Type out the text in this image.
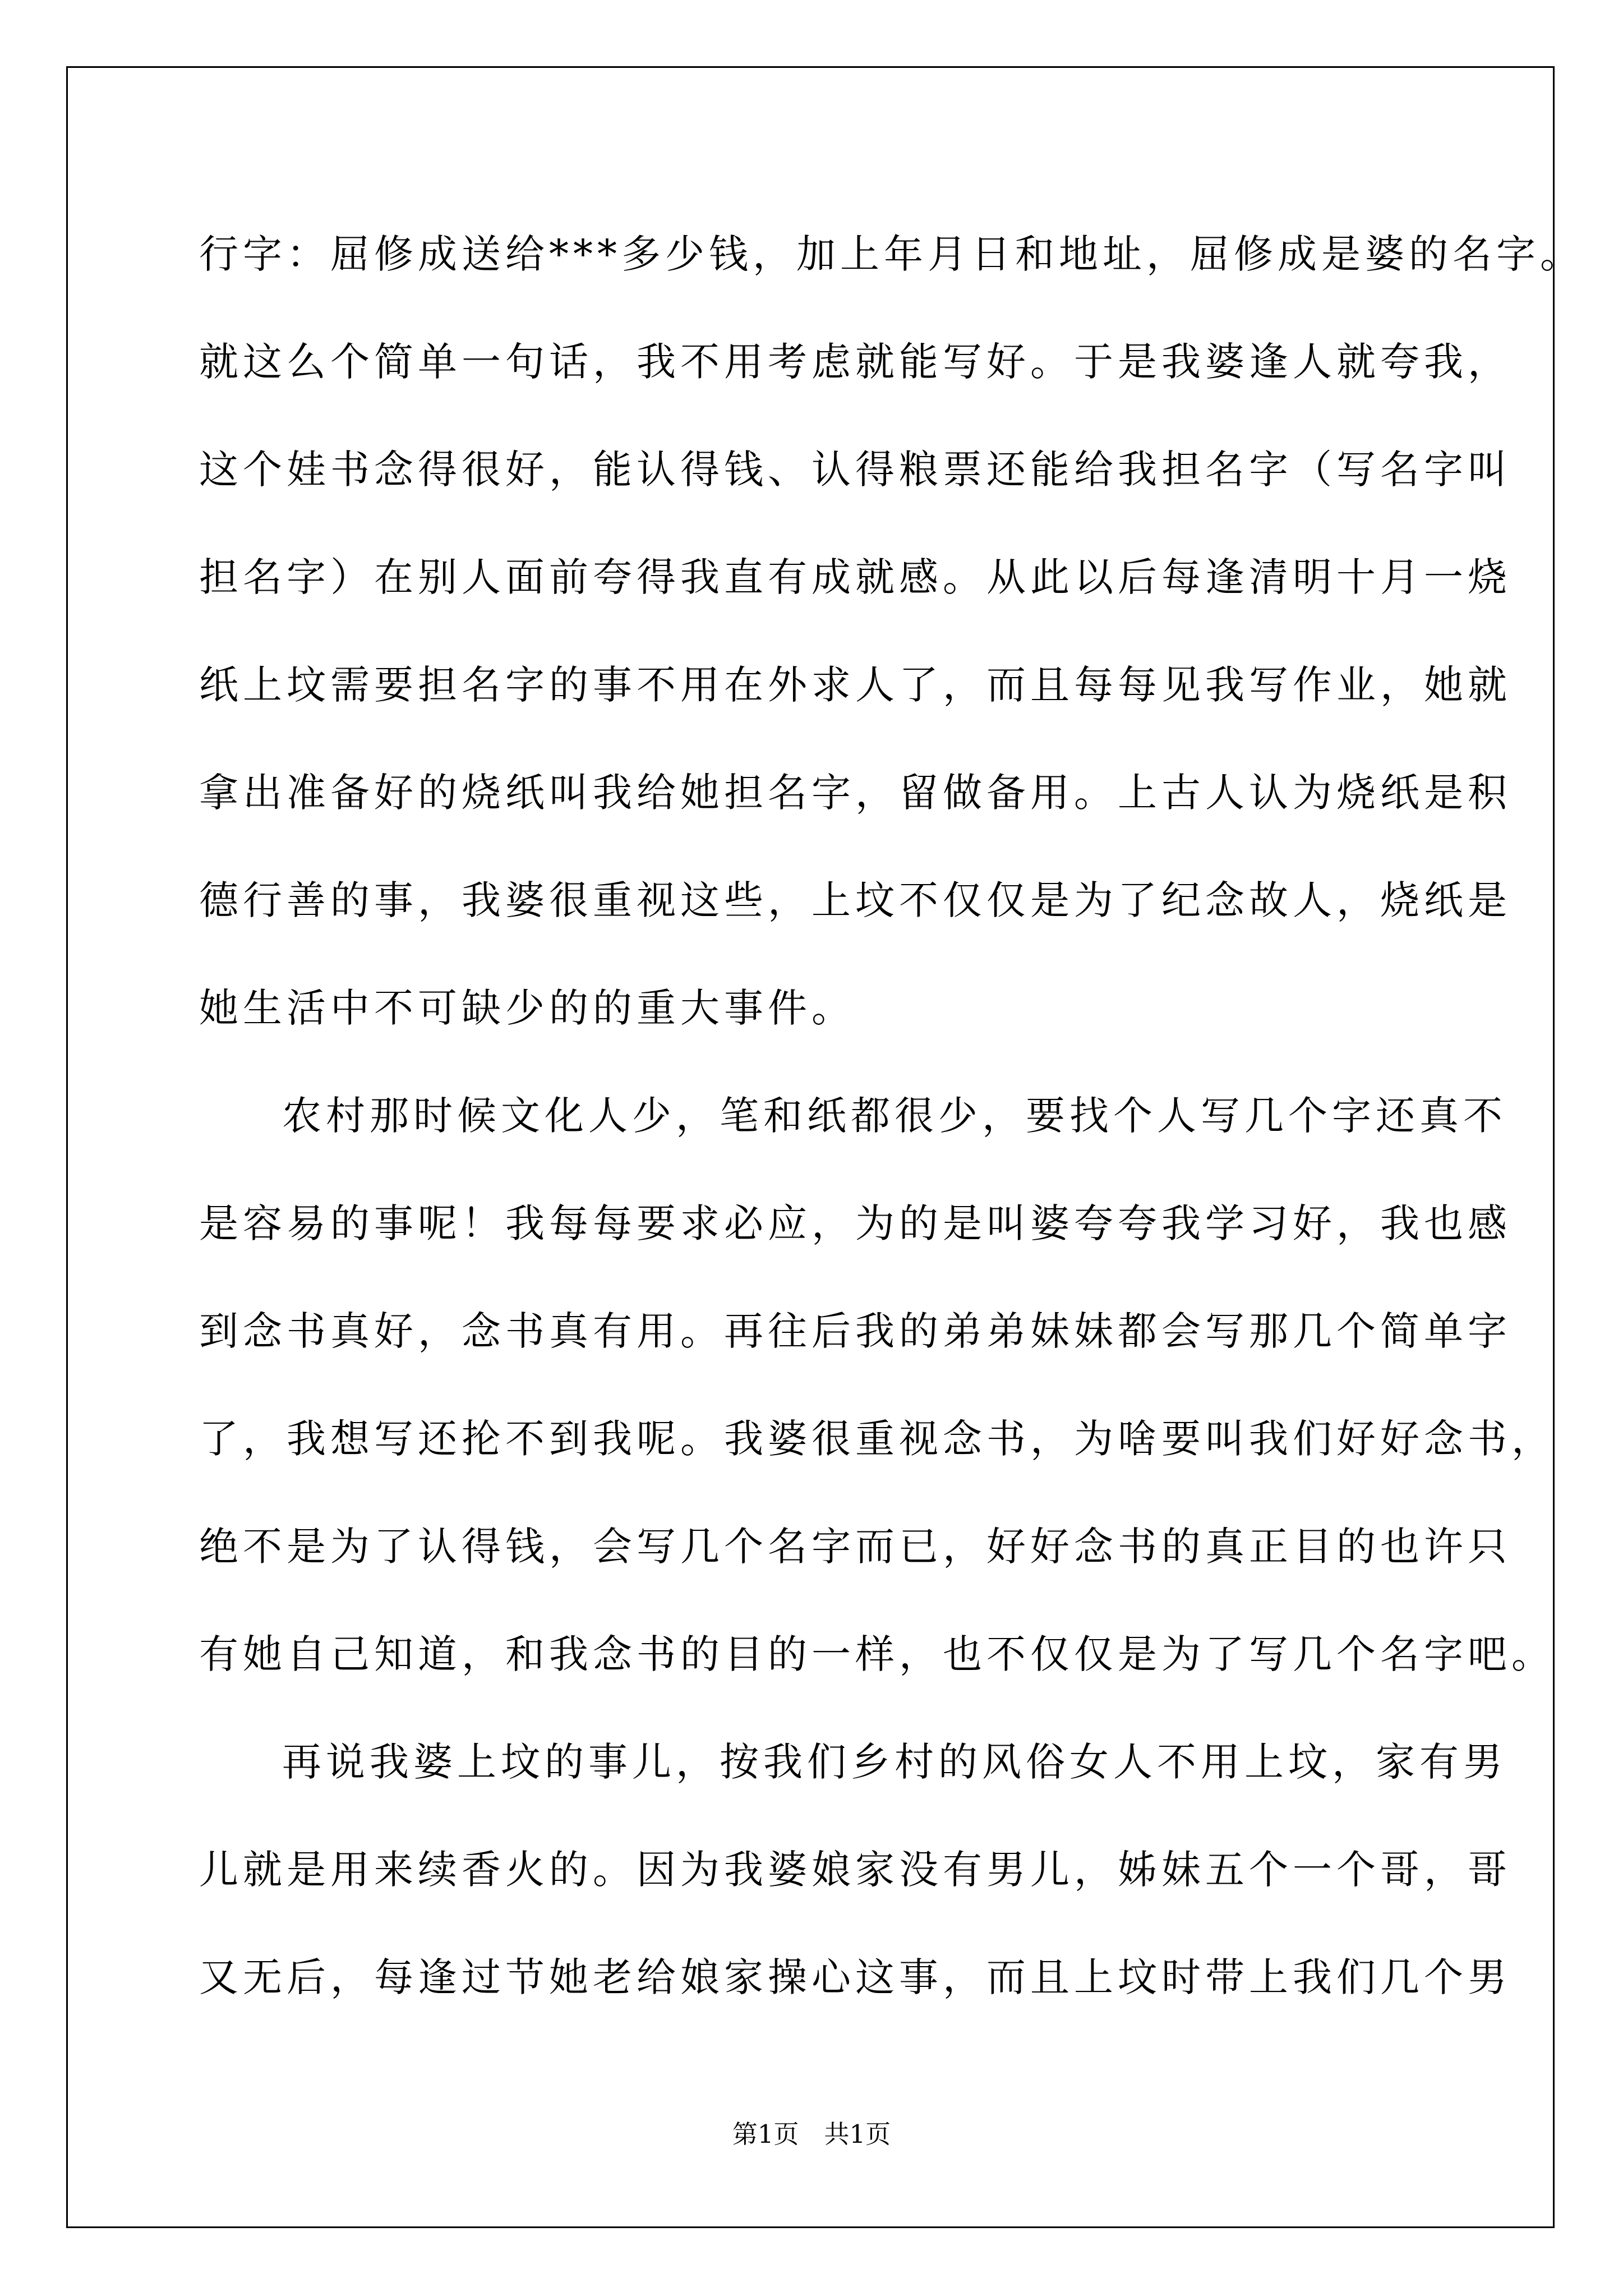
行字：屈修成送给***多少钱，加上年月日和地址，屈修成是婆的名字。
就这么个简单一句话，我不用考虑就能写好。于是我婆逢人就夸我，
这个娃书念得很好，能认得钱、认得粮票还能给我担名字（写名字叫
担名字）在别人面前夸得我直有成就感。从此以后每逢清明十月一烧
纸上坟需要担名字的事不用在外求人了，而且每每见我写作业，她就
拿出准备好的烧纸叫我给她担名字，留做备用。上古人认为烧纸是积
德行善的事，我婆很重视这些，上坟不仅仅是为了纪念故人，烧纸是
她生活中不可缺少的的重大事件。
农村那时候文化人少，笔和纸都很少，要找个人写几个字还真不
是容易的事呢！我每每要求必应，为的是叫婆夸夸我学习好，我也感
到念书真好，念书真有用。再往后我的弟弟妹妹都会写那几个简单字
了，我想写还抡不到我呢。我婆很重视念书，为啥要叫我们好好念书，
绝不是为了认得钱，会写几个名字而已，好好念书的真正目的也许只
有她自己知道，和我念书的目的一样，也不仅仅是为了写几个名字吧。
再说我婆上坟的事儿，按我们乡村的风俗女人不用上坟，家有男
儿就是用来续香火的。因为我婆娘家没有男儿，姊妹五个一个哥，哥
又无后，每逢过节她老给娘家操心这事，而且上坟时带上我们几个男
第1页　共1页
